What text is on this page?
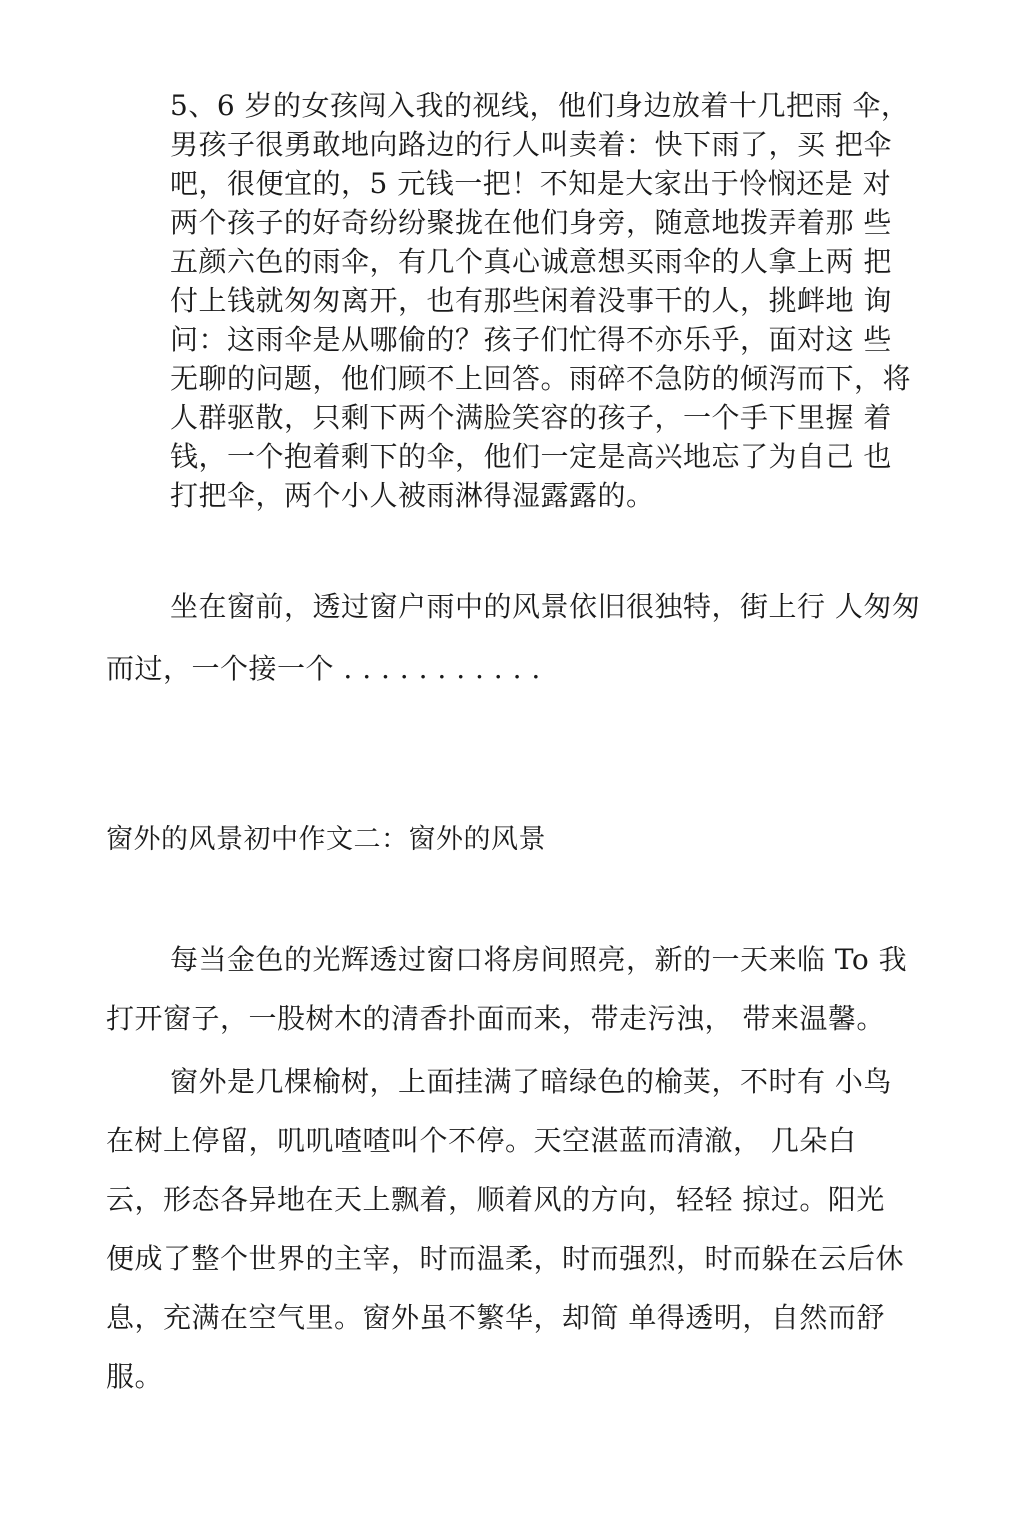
5、6 岁的女孩闯入我的视线，他们身边放着十几把雨 伞，
男孩子很勇敢地向路边的行人叫卖着：快下雨了，买 把伞
吧，很便宜的，5 元钱一把！不知是大家出于怜悯还是 对
两个孩子的好奇纷纷聚拢在他们身旁，随意地拨弄着那 些
五颜六色的雨伞，有几个真心诚意想买雨伞的人拿上两 把
付上钱就匆匆离开，也有那些闲着没事干的人，挑衅地 询
问：这雨伞是从哪偷的？孩子们忙得不亦乐乎，面对这 些
无聊的问题，他们顾不上回答。雨碎不急防的倾泻而下，将
人群驱散，只剩下两个满脸笑容的孩子，一个手下里握 着
钱，一个抱着剩下的伞，他们一定是高兴地忘了为自己 也
打把伞，两个小人被雨淋得湿露露的。
坐在窗前，透过窗户雨中的风景依旧很独特，街上行 人匆匆
而过，一个接一个 . . . . . . . . . . .
窗外的风景初中作文二：窗外的风景
每当金色的光辉透过窗口将房间照亮，新的一天来临 To 我
打开窗子，一股树木的清香扑面而来，带走污浊， 带来温馨。
窗外是几棵榆树，上面挂满了暗绿色的榆荚，不时有 小鸟
在树上停留，叽叽喳喳叫个不停。天空湛蓝而清澈， 几朵白
云，形态各异地在天上飘着，顺着风的方向，轻轻 掠过。阳光
便成了整个世界的主宰，时而温柔，时而强烈，时而躲在云后休
息，充满在空气里。窗外虽不繁华，却简 单得透明，自然而舒
服。
